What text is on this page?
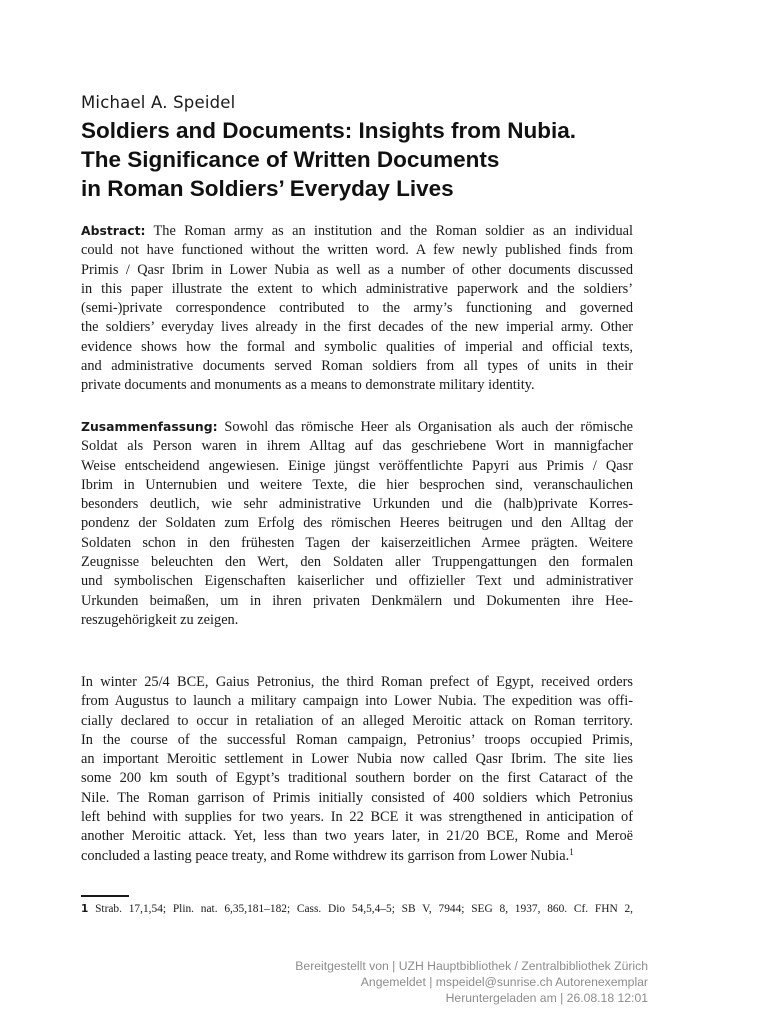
Michael A. Speidel
Soldiers and Documents: Insights from Nubia.
The Significance of Written Documents
in Roman Soldiers’ Everyday Lives
Abstract: The Roman army as an institution and the Roman soldier as an individual
could not have functioned without the written word. A few newly published finds from
Primis / Qasr Ibrim in Lower Nubia as well as a number of other documents discussed
in this paper illustrate the extent to which administrative paperwork and the soldiers’
(semi-)private correspondence contributed to the army’s functioning and governed
the soldiers’ everyday lives already in the first decades of the new imperial army. Other
evidence shows how the formal and symbolic qualities of imperial and official texts,
and administrative documents served Roman soldiers from all types of units in their
private documents and monuments as a means to demonstrate military identity.
Zusammenfassung: Sowohl das römische Heer als Organisation als auch der römische
Soldat als Person waren in ihrem Alltag auf das geschriebene Wort in mannigfacher
Weise entscheidend angewiesen. Einige jüngst veröffentlichte Papyri aus Primis / Qasr
Ibrim in Unternubien und weitere Texte, die hier besprochen sind, veranschaulichen
besonders deutlich, wie sehr administrative Urkunden und die (halb)private Korres-
pondenz der Soldaten zum Erfolg des römischen Heeres beitrugen und den Alltag der
Soldaten schon in den frühesten Tagen der kaiserzeitlichen Armee prägten. Weitere
Zeugnisse beleuchten den Wert, den Soldaten aller Truppengattungen den formalen
und symbolischen Eigenschaften kaiserlicher und offizieller Text und administrativer
Urkunden beimaßen, um in ihren privaten Denkmälern und Dokumenten ihre Hee-
reszugehörigkeit zu zeigen.
In winter 25/4 BCE, Gaius Petronius, the third Roman prefect of Egypt, received orders
from Augustus to launch a military campaign into Lower Nubia. The expedition was offi-
cially declared to occur in retaliation of an alleged Meroitic attack on Roman territory.
In the course of the successful Roman campaign, Petronius’ troops occupied Primis,
an important Meroitic settlement in Lower Nubia now called Qasr Ibrim. The site lies
some 200 km south of Egypt’s traditional southern border on the first Cataract of the
Nile. The Roman garrison of Primis initially consisted of 400 soldiers which Petronius
left behind with supplies for two years. In 22 BCE it was strengthened in anticipation of
another Meroitic attack. Yet, less than two years later, in 21/20 BCE, Rome and Meroë
concluded a lasting peace treaty, and Rome withdrew its garrison from Lower Nubia.$^1$
1 Strab. 17,1,54; Plin. nat. 6,35,181–182; Cass. Dio 54,5,4–5; SB V, 7944; SEG 8, 1937, 860. Cf. FHN 2,
Bereitgestellt von | UZH Hauptbibliothek / Zentralbibliothek Zürich
Angemeldet | mspeidel@sunrise.ch Autorenexemplar
Heruntergeladen am | 26.08.18 12:01
